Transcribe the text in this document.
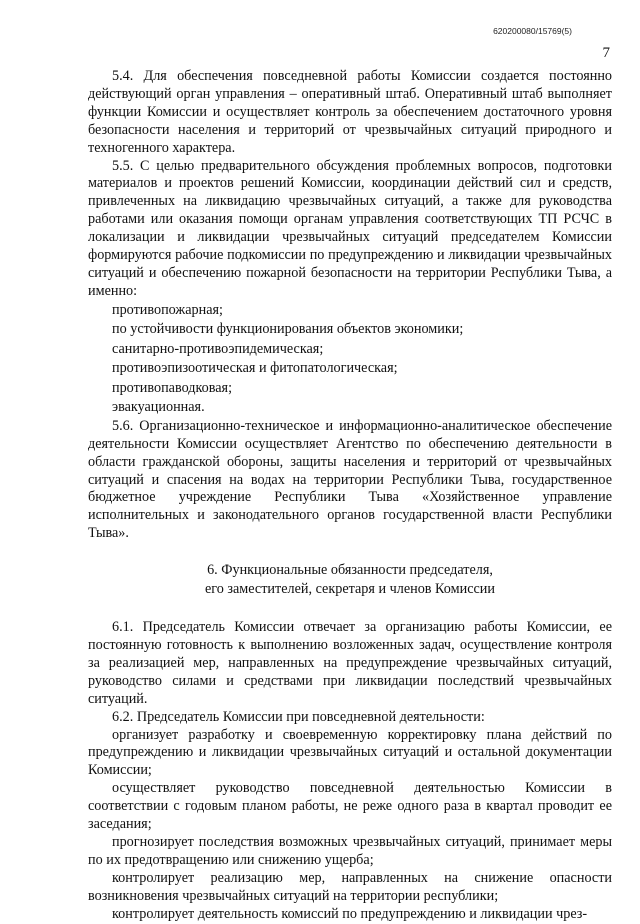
620200080/15769(5)
7

5.4. Для обеспечения повседневной работы Комиссии создается постоянно действующий орган управления – оперативный штаб. Оперативный штаб выполняет функции Комиссии и осуществляет контроль за обеспечением достаточного уровня безопасности населения и территорий от чрезвычайных ситуаций природного и техногенного характера.

5.5. С целью предварительного обсуждения проблемных вопросов, подготовки материалов и проектов решений Комиссии, координации действий сил и средств, привлеченных на ликвидацию чрезвычайных ситуаций, а также для руководства работами или оказания помощи органам управления соответствующих ТП РСЧС в локализации и ликвидации чрезвычайных ситуаций председателем Комиссии формируются рабочие подкомиссии по предупреждению и ликвидации чрезвычайных ситуаций и обеспечению пожарной безопасности на территории Республики Тыва, а именно:

противопожарная;

по устойчивости функционирования объектов экономики;

санитарно-противоэпидемическая;

противоэпизоотическая и фитопатологическая;

противопаводковая;

эвакуационная.

5.6. Организационно-техническое и информационно-аналитическое обеспечение деятельности Комиссии осуществляет Агентство по обеспечению деятельности в области гражданской обороны, защиты населения и территорий от чрезвычайных ситуаций и спасения на водах на территории Республики Тыва, государственное бюджетное учреждение Республики Тыва «Хозяйственное управление исполнительных и законодательного органов государственной власти Республики Тыва».

6. Функциональные обязанности председателя,
его заместителей, секретаря и членов Комиссии

6.1. Председатель Комиссии отвечает за организацию работы Комиссии, ее постоянную готовность к выполнению возложенных задач, осуществление контроля за реализацией мер, направленных на предупреждение чрезвычайных ситуаций, руководство силами и средствами при ликвидации последствий чрезвычайных ситуаций.

6.2. Председатель Комиссии при повседневной деятельности:

организует разработку и своевременную корректировку плана действий по предупреждению и ликвидации чрезвычайных ситуаций и остальной документации Комиссии;

осуществляет руководство повседневной деятельностью Комиссии в соответствии с годовым планом работы, не реже одного раза в квартал проводит ее заседания;

прогнозирует последствия возможных чрезвычайных ситуаций, принимает меры по их предотвращению или снижению ущерба;

контролирует реализацию мер, направленных на снижение опасности возникновения чрезвычайных ситуаций на территории республики;

контролирует деятельность комиссий по предупреждению и ликвидации чрез-
